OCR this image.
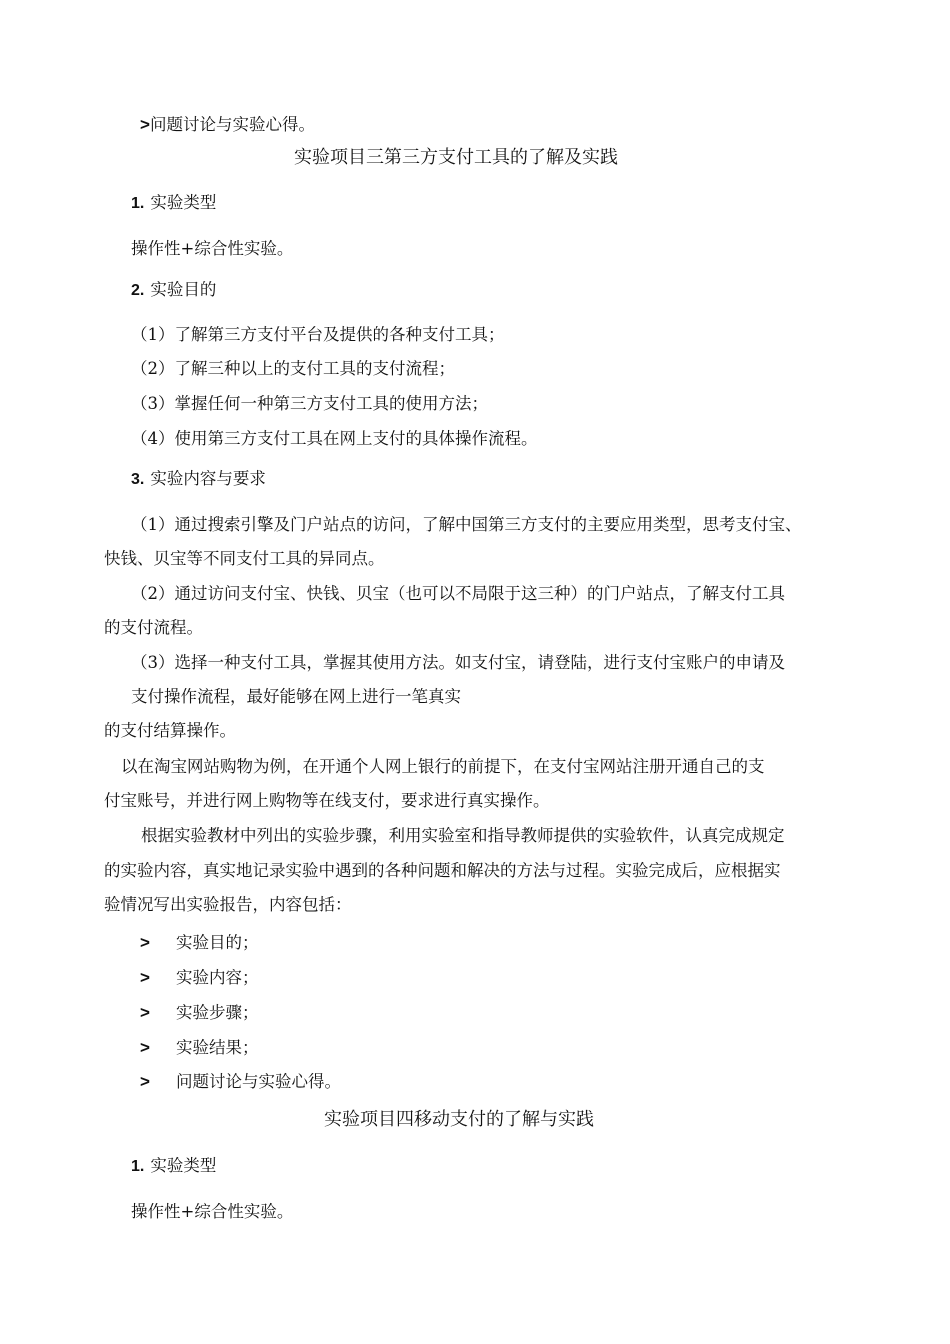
>问题讨论与实验心得。
实验项目三第三方支付工具的了解及实践
1. 实验类型
操作性+综合性实验。
2. 实验目的
（1）了解第三方支付平台及提供的各种支付工具；
（2）了解三种以上的支付工具的支付流程；
（3）掌握任何一种第三方支付工具的使用方法；
（4）使用第三方支付工具在网上支付的具体操作流程。
3. 实验内容与要求
（1）通过搜索引擎及门户站点的访问，了解中国第三方支付的主要应用类型，思考支付宝、
快钱、贝宝等不同支付工具的异同点。
（2）通过访问支付宝、快钱、贝宝（也可以不局限于这三种）的门户站点，了解支付工具
的支付流程。
（3）选择一种支付工具，掌握其使用方法。如支付宝，请登陆，进行支付宝账户的申请及
支付操作流程，最好能够在网上进行一笔真实
的支付结算操作。
以在淘宝网站购物为例，在开通个人网上银行的前提下，在支付宝网站注册开通自己的支
付宝账号，并进行网上购物等在线支付，要求进行真实操作。
根据实验教材中列出的实验步骤，利用实验室和指导教师提供的实验软件，认真完成规定
的实验内容，真实地记录实验中遇到的各种问题和解决的方法与过程。实验完成后，应根据实
验情况写出实验报告，内容包括：
> 实验目的；
> 实验内容；
> 实验步骤；
> 实验结果；
> 问题讨论与实验心得。
实验项目四移动支付的了解与实践
1. 实验类型
操作性+综合性实验。
